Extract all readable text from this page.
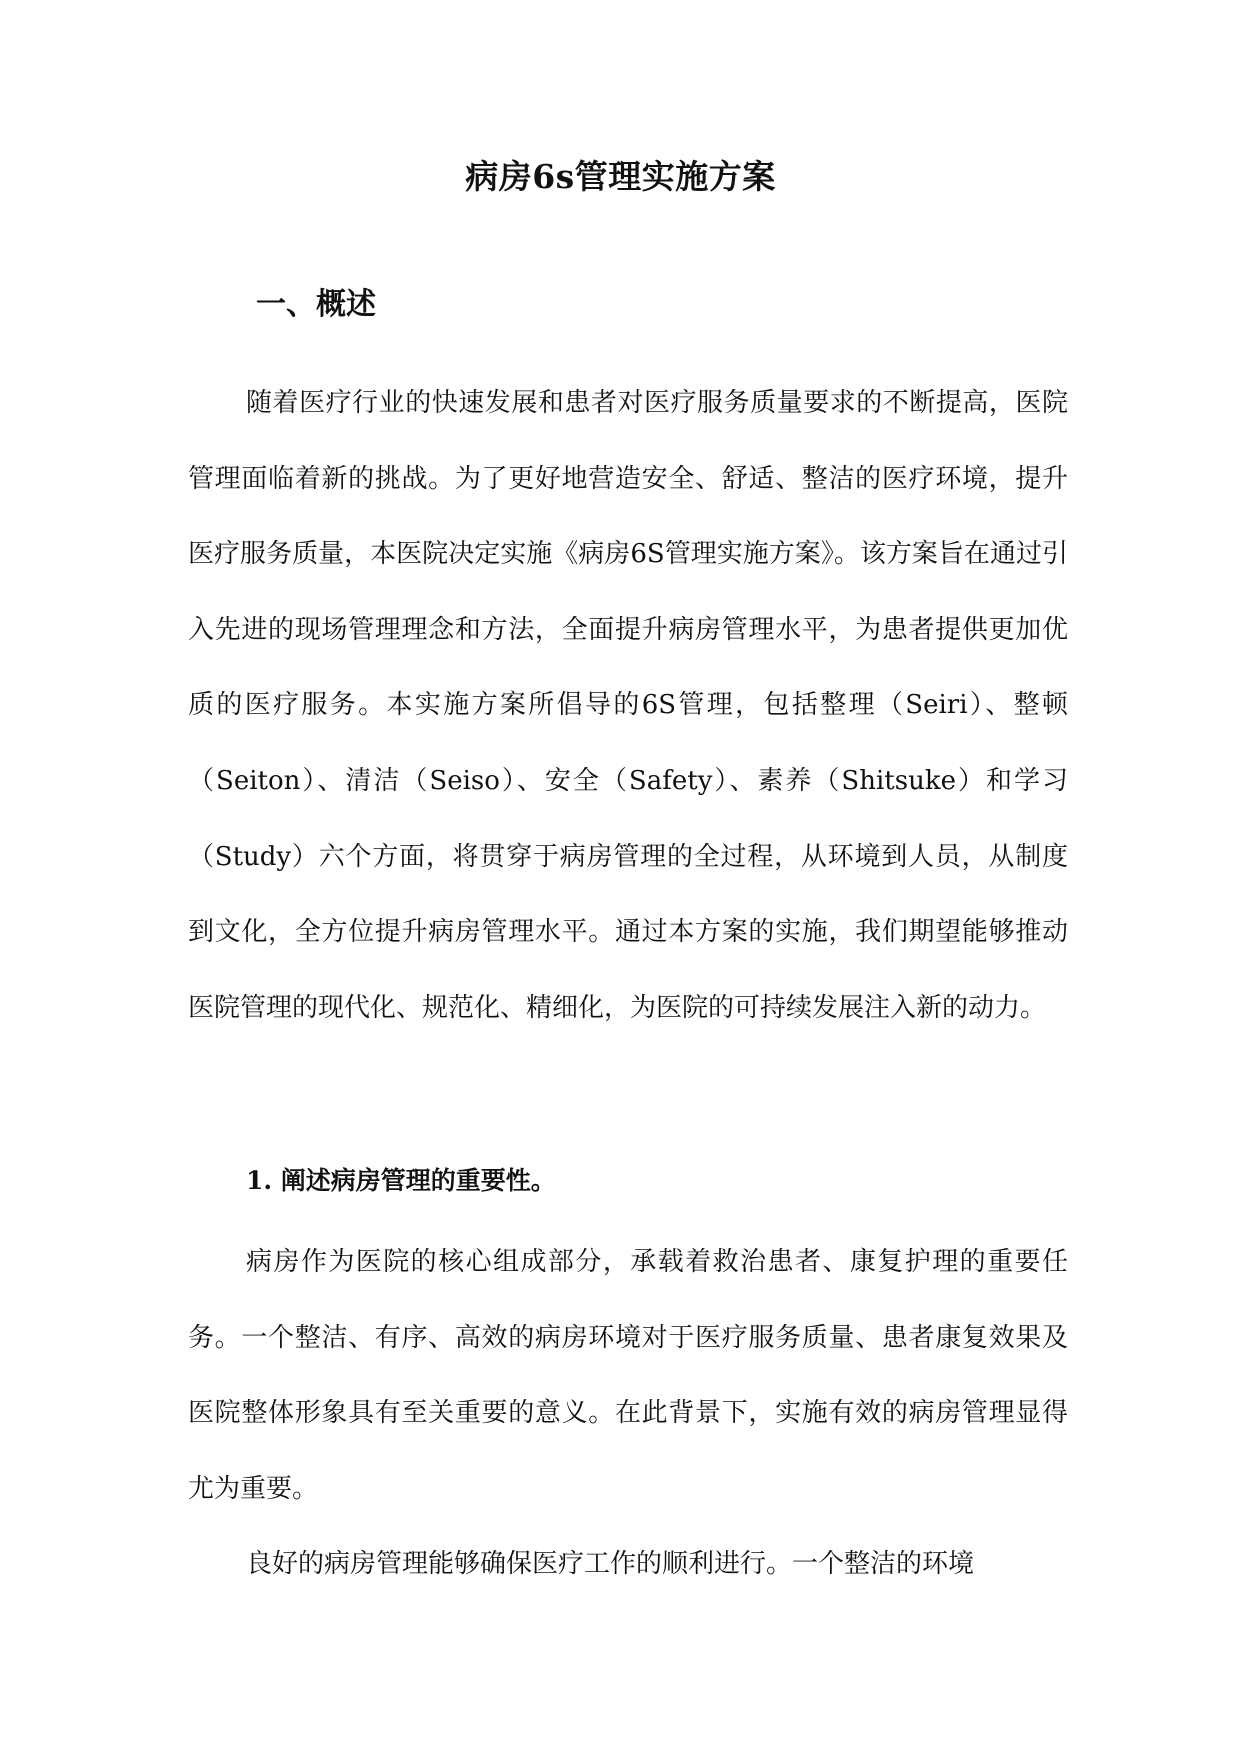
病房6s管理实施方案
一、概述

随着医疗行业的快速发展和患者对医疗服务质量要求的不断提高，医院管理面临着新的挑战。为了更好地营造安全、舒适、整洁的医疗环境，提升医疗服务质量，本医院决定实施《病房6S管理实施方案》。该方案旨在通过引入先进的现场管理理念和方法，全面提升病房管理水平，为患者提供更加优质的医疗服务。本实施方案所倡导的6S管理，包括整理（Seiri）、整顿（Seiton）、清洁（Seiso）、安全（Safety）、素养（Shitsuke）和学习（Study）六个方面，将贯穿于病房管理的全过程，从环境到人员，从制度到文化，全方位提升病房管理水平。通过本方案的实施，我们期望能够推动医院管理的现代化、规范化、精细化，为医院的可持续发展注入新的动力。

1. 阐述病房管理的重要性。

病房作为医院的核心组成部分，承载着救治患者、康复护理的重要任务。一个整洁、有序、高效的病房环境对于医疗服务质量、患者康复效果及医院整体形象具有至关重要的意义。在此背景下，实施有效的病房管理显得尤为重要。

良好的病房管理能够确保医疗工作的顺利进行。一个整洁的环境
